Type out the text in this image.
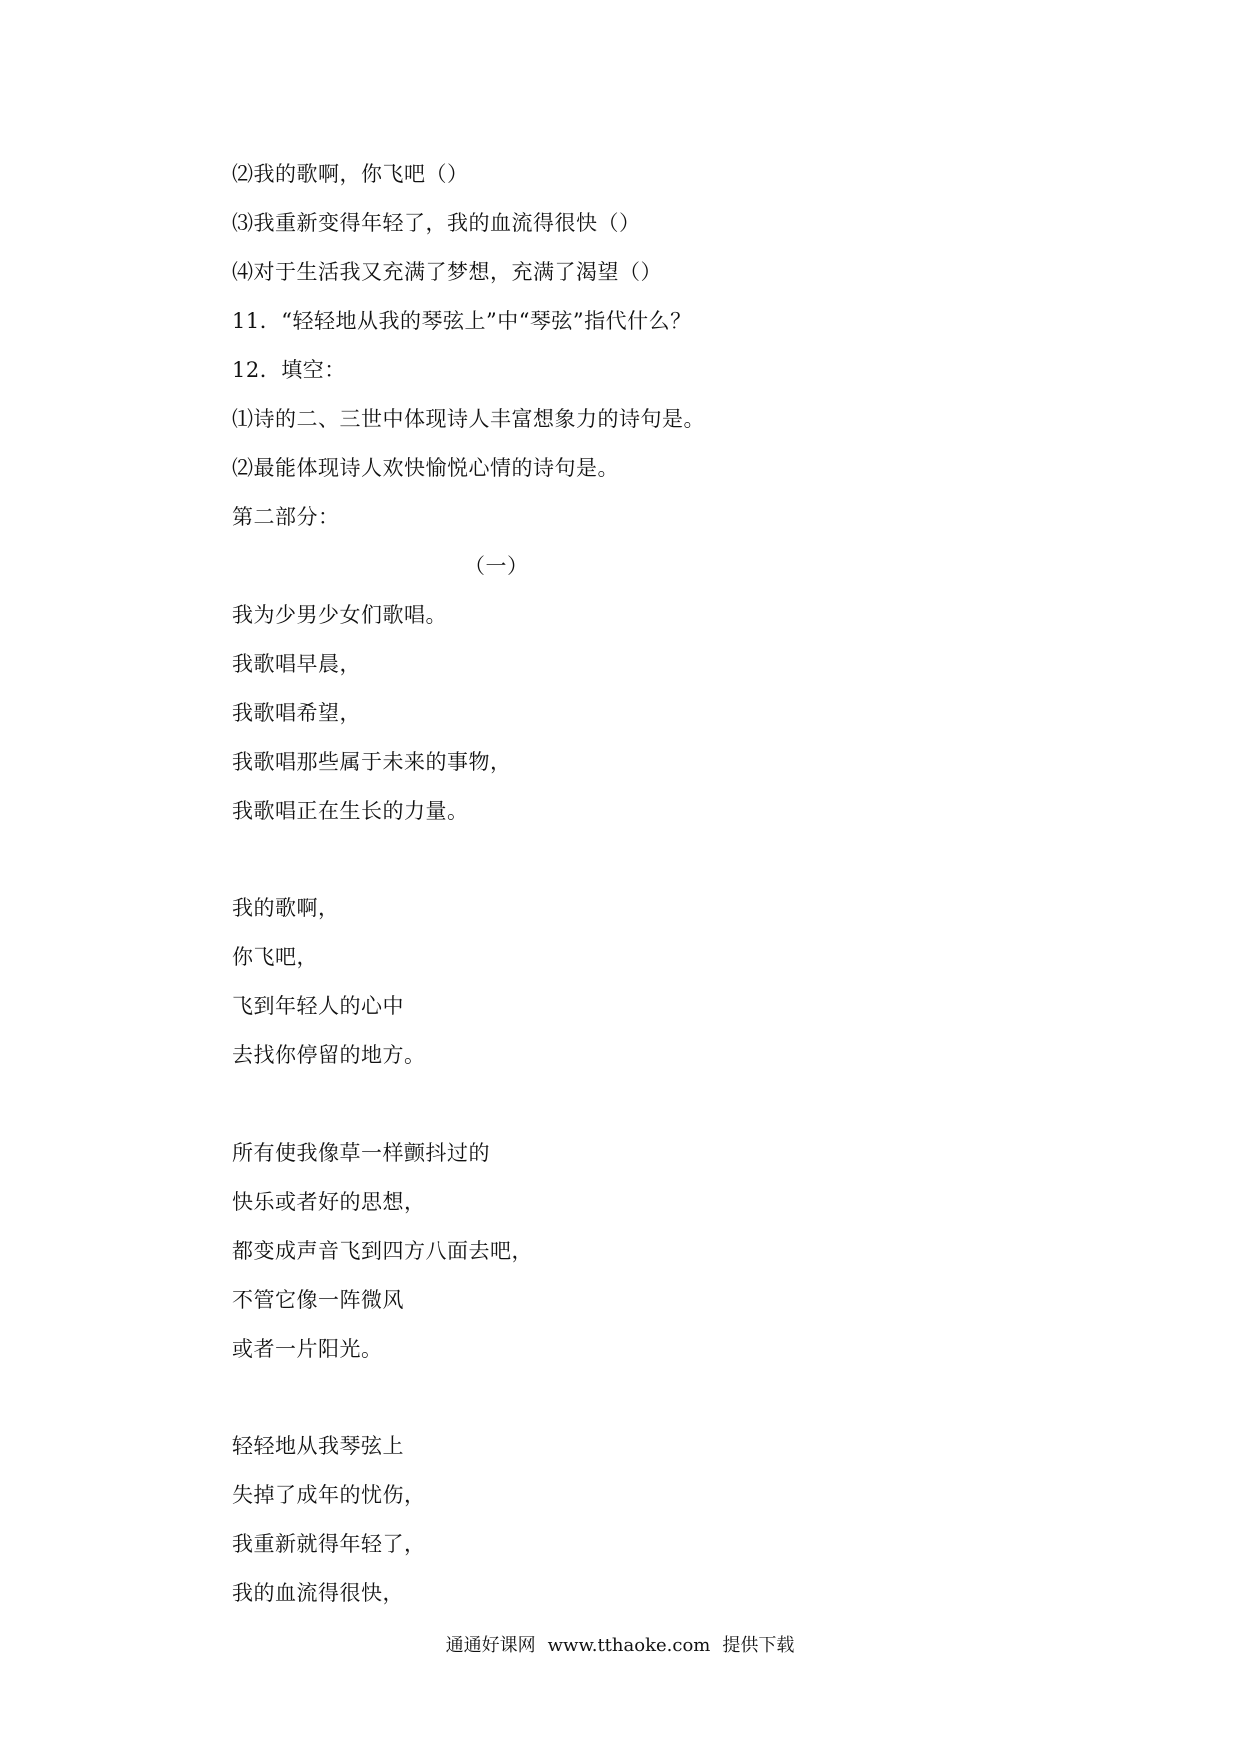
⑵我的歌啊，你飞吧（）
⑶我重新变得年轻了，我的血流得很快（）
⑷对于生活我又充满了梦想，充满了渴望（）
11．“轻轻地从我的琴弦上”中“琴弦”指代什么？
12．填空：
⑴诗的二、三世中体现诗人丰富想象力的诗句是。
⑵最能体现诗人欢快愉悦心情的诗句是。
第二部分：
（一）
我为少男少女们歌唱。
我歌唱早晨，
我歌唱希望，
我歌唱那些属于未来的事物，
我歌唱正在生长的力量。
我的歌啊，
你飞吧，
飞到年轻人的心中
去找你停留的地方。
所有使我像草一样颤抖过的
快乐或者好的思想，
都变成声音飞到四方八面去吧，
不管它像一阵微风
或者一片阳光。
轻轻地从我琴弦上
失掉了成年的忧伤，
我重新就得年轻了，
我的血流得很快，
通通好课网 www.tthaoke.com 提供下载
